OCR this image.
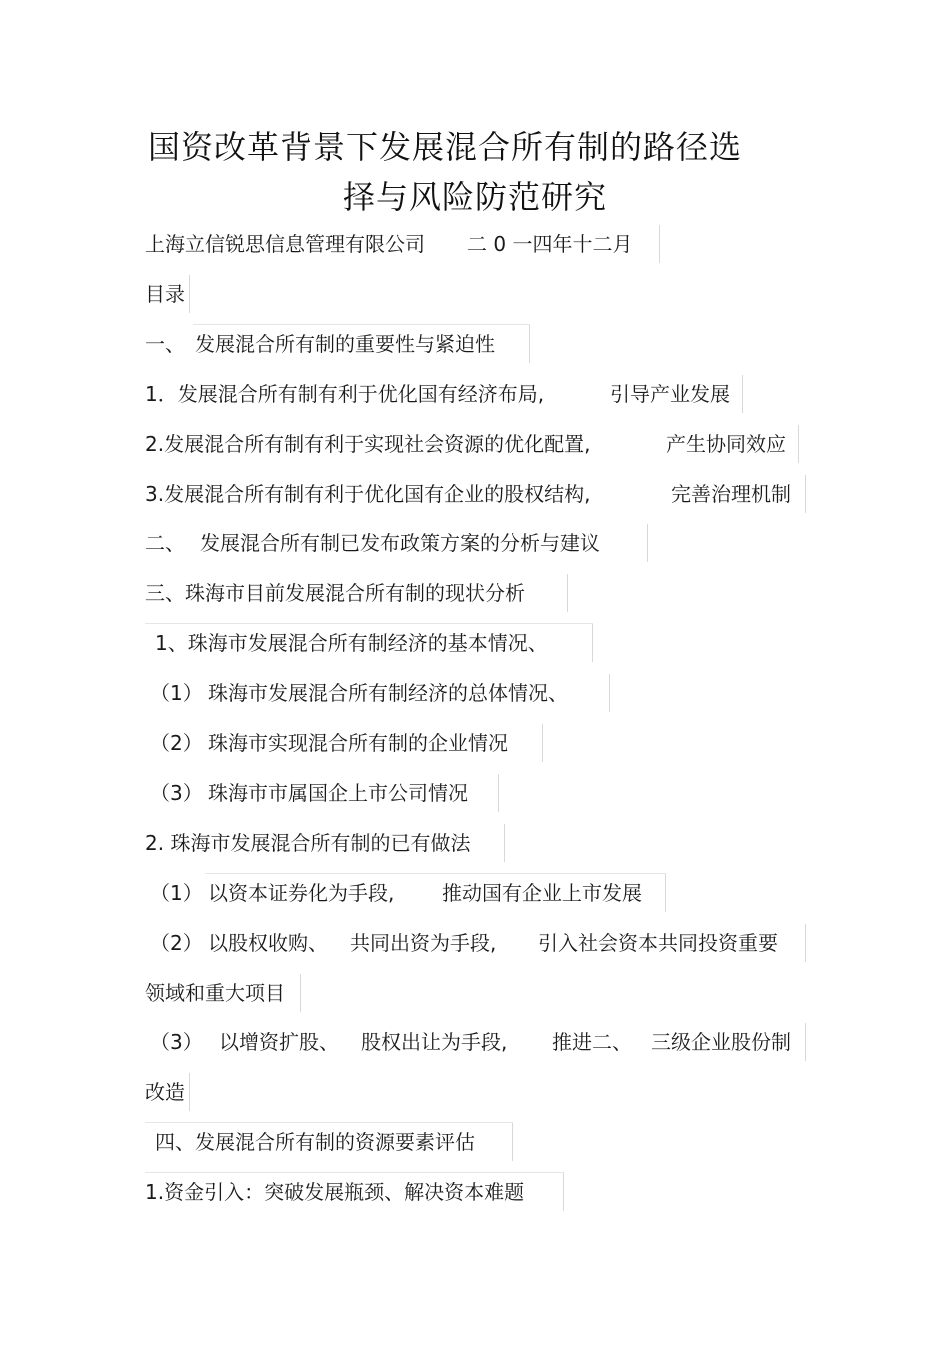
国资改革背景下发展混合所有制的路径选
择与风险防范研究
上海立信锐思信息管理有限公司 二 0 一四年十二月
目录
一、 发展混合所有制的重要性与紧迫性
1．发展混合所有制有利于优化国有经济布局,	引导产业发展
2.发展混合所有制有利于实现社会资源的优化配置,	产生协同效应
3.发展混合所有制有利于优化国有企业的股权结构,	完善治理机制
二、 发展混合所有制已发布政策方案的分析与建议
三、珠海市目前发展混合所有制的现状分析
1、珠海市发展混合所有制经济的基本情况、
（1） 珠海市发展混合所有制经济的总体情况、
（2） 珠海市实现混合所有制的企业情况
（3） 珠海市市属国企上市公司情况
2. 珠海市发展混合所有制的已有做法
（1） 以资本证券化为手段, 推动国有企业上市发展
（2） 以股权收购、 共同出资为手段, 引入社会资本共同投资重要
领域和重大项目
（3） 以增资扩股、 股权出让为手段, 推进二、 三级企业股份制
改造
四、发展混合所有制的资源要素评估
1.资金引入：突破发展瓶颈、解决资本难题
